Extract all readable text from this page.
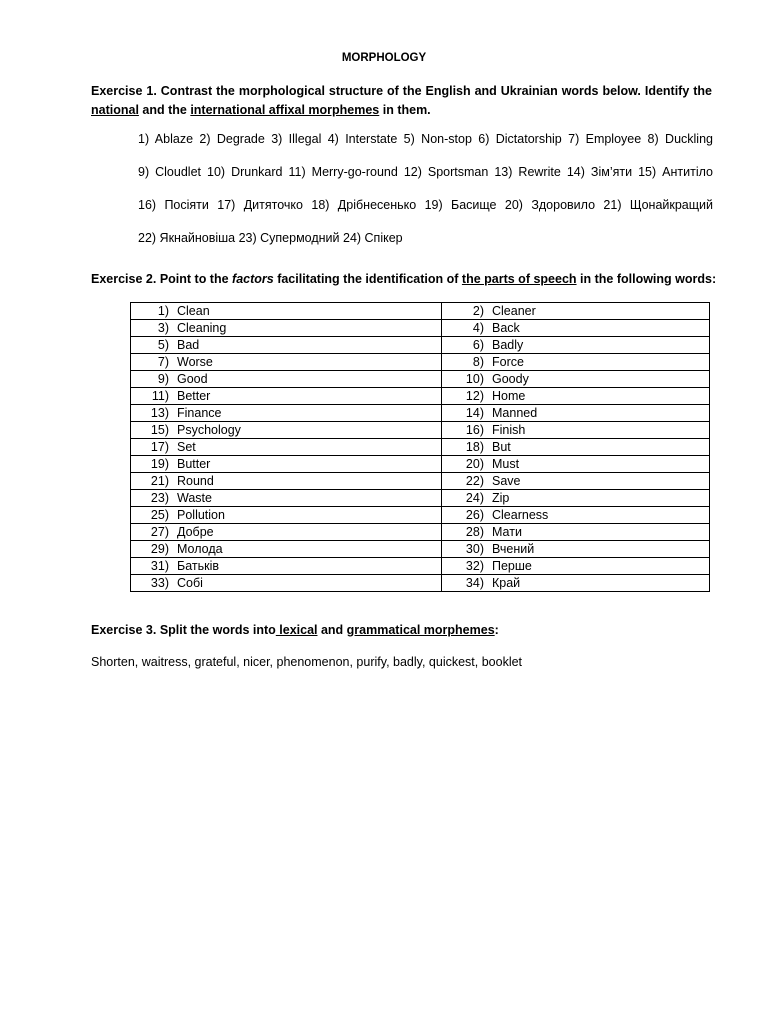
MORPHOLOGY
Exercise 1. Contrast the morphological structure of the English and Ukrainian words below. Identify the
national and the international affixal morphemes in them.
1) Ablaze 2) Degrade 3) Illegal 4) Interstate 5) Non-stop 6) Dictatorship 7) Employee 8) Duckling
9) Cloudlet 10) Drunkard 11) Merry-go-round 12) Sportsman 13) Rewrite 14) Зім’яти 15) Антитіло
16) Посіяти 17) Дитяточко 18) Дрібнесенько 19) Басище 20) Здоровило 21) Щонайкращий
22) Якнайновіша 23) Супермодний 24) Спікер
Exercise 2. Point to the factors facilitating the identification of the parts of speech in the following words:
1) Clean	2) Cleaner
3) Cleaning	4) Back
5) Bad	6) Badly
7) Worse	8) Force
9) Good	10) Goody
11) Better	12) Home
13) Finance	14) Manned
15) Psychology	16) Finish
17) Set	18) But
19) Butter	20) Must
21) Round	22) Save
23) Waste	24) Zip
25) Pollution	26) Clearness
27) Добре	28) Мати
29) Молода	30) Вчений
31) Батьків	32) Перше
33) Собі	34) Край
Exercise 3. Split the words into lexical and grammatical morphemes:
Shorten, waitress, grateful, nicer, phenomenon, purify, badly, quickest, booklet
